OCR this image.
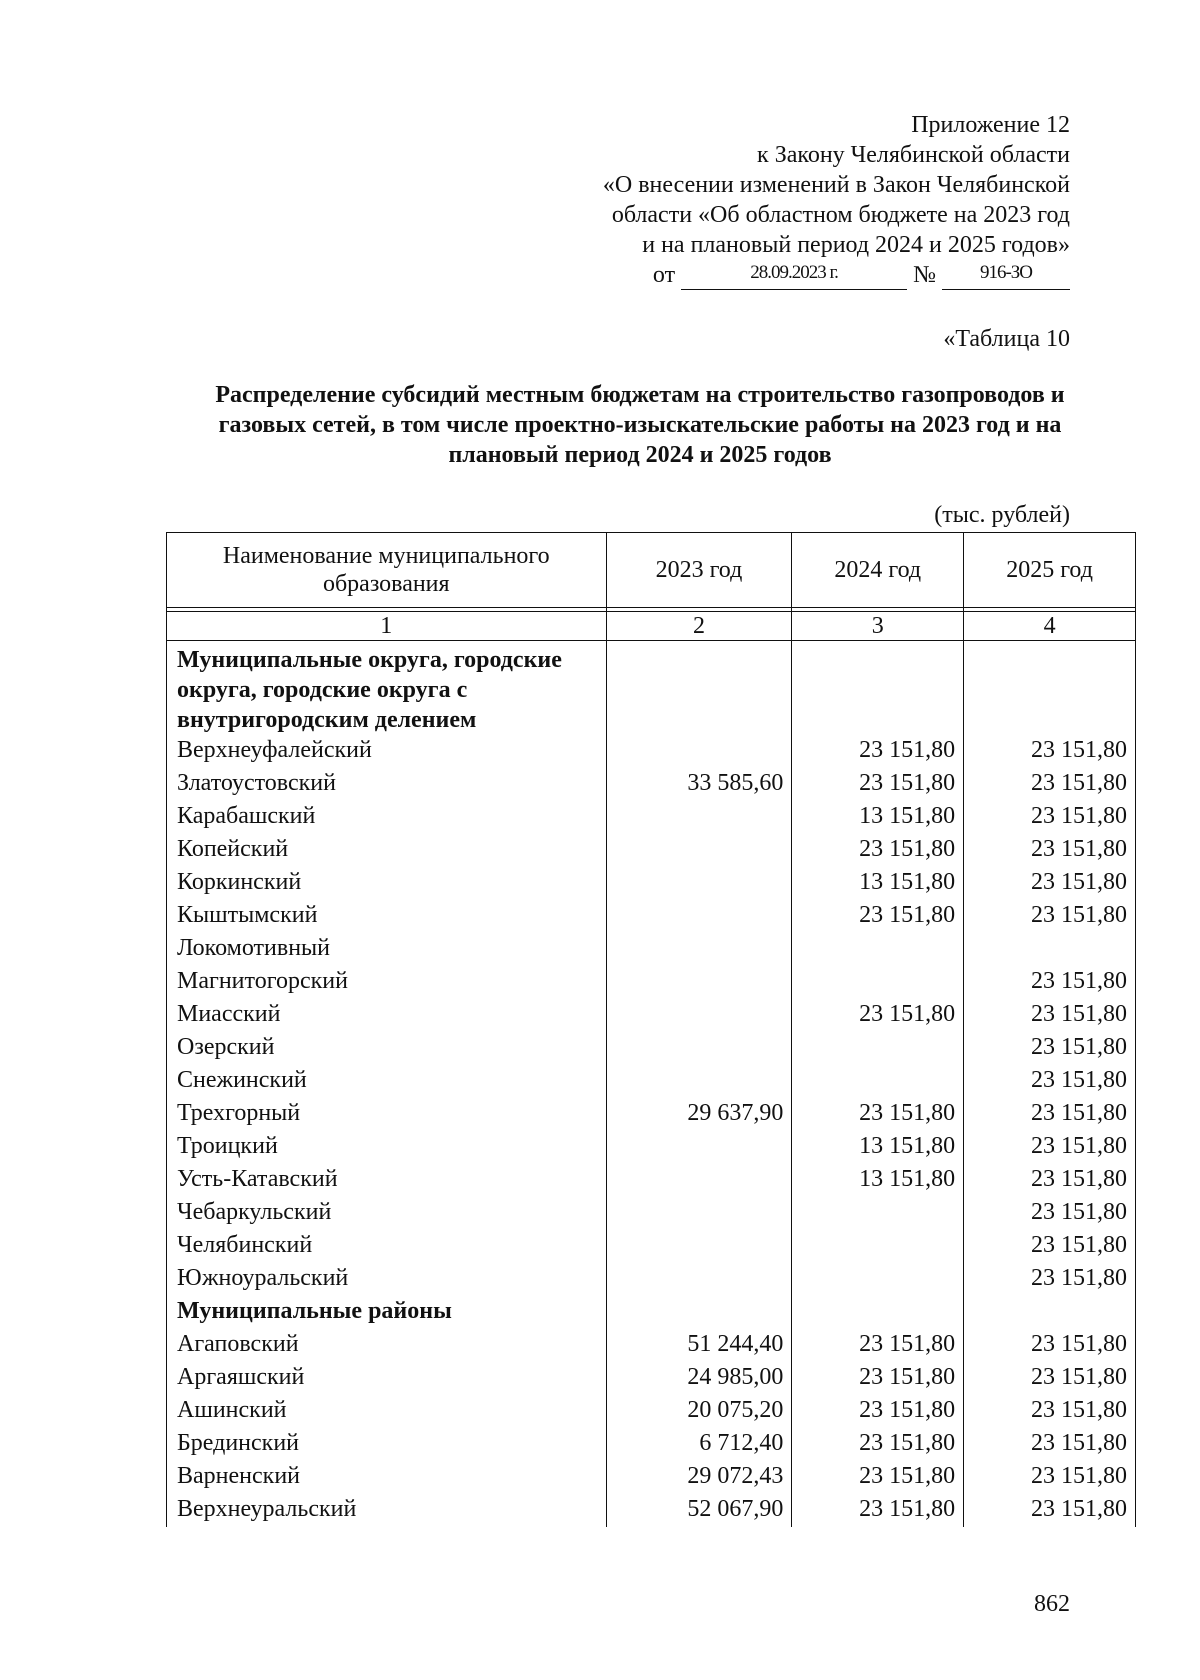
Приложение 12
к Закону Челябинской области
«О внесении изменений в Закон Челябинской
области «Об областном бюджете на 2023 год
и на плановый период 2024 и 2025 годов»
от	28.09.2023 г.	№	916-ЗО
«Таблица 10
Распределение субсидий местным бюджетам на строительство газопроводов и
газовых сетей, в том числе проектно-изыскательские работы на 2023 год и на
плановый период 2024 и 2025 годов
(тыс. рублей)
Наименование муниципального образования	2023 год	2024 год	2025 год

1	2	3	4
Муниципальные округа, городские округа, городские округа с внутригородским делением			
Верхнеуфалейский		23 151,80	23 151,80
Златоустовский	33 585,60	23 151,80	23 151,80
Карабашский		13 151,80	23 151,80
Копейский		23 151,80	23 151,80
Коркинский		13 151,80	23 151,80
Кыштымский		23 151,80	23 151,80
Локомотивный			
Магнитогорский			23 151,80
Миасский		23 151,80	23 151,80
Озерский			23 151,80
Снежинский			23 151,80
Трехгорный	29 637,90	23 151,80	23 151,80
Троицкий		13 151,80	23 151,80
Усть-Катавский		13 151,80	23 151,80
Чебаркульский			23 151,80
Челябинский			23 151,80
Южноуральский			23 151,80
Муниципальные районы			
Агаповский	51 244,40	23 151,80	23 151,80
Аргаяшский	24 985,00	23 151,80	23 151,80
Ашинский	20 075,20	23 151,80	23 151,80
Брединский	6 712,40	23 151,80	23 151,80
Варненский	29 072,43	23 151,80	23 151,80
Верхнеуральский	52 067,90	23 151,80	23 151,80
862
